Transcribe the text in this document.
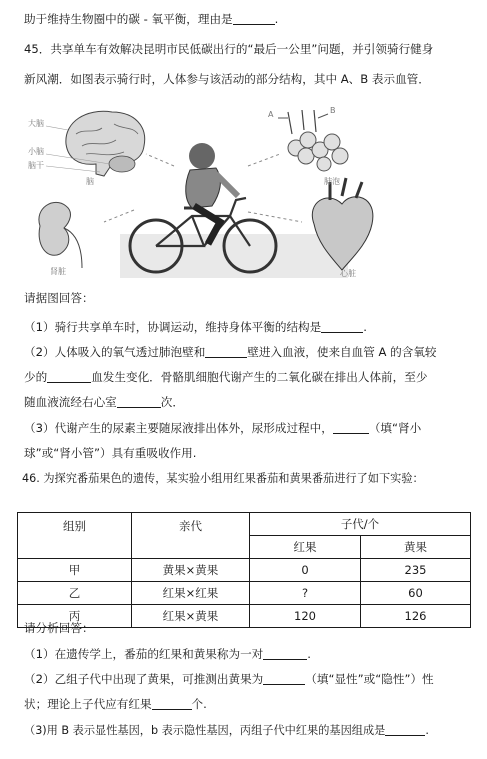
助于维持生物圈中的碳 - 氧平衡，理由是	.
45．共享单车有效解决昆明市民低碳出行的“最后一公里”问题，并引领骑行健身
新风潮．如图表示骑行时，人体参与该活动的部分结构，其中 A、B 表示血管．
大脑
小脑
脑干
脑
A	B
肺泡
肾脏	心脏
请据图回答：
（1）骑行共享单车时，协调运动，维持身体平衡的结构是	.
（2）人体吸入的氧气透过肺泡壁和	壁进入血液，使来自血管 A 的含氧较
少的	血发生变化．骨骼肌细胞代谢产生的二氧化碳在排出人体前，至少
随血液流经右心室	次．
（3）代谢产生的尿素主要随尿液排出体外，尿形成过程中，	（填“肾小
球”或“肾小管”）具有重吸收作用.
46. 为探究番茄果色的遗传，某实验小组用红果番茄和黄果番茄进行了如下实验：
组别	亲代	子代/个	
		红果	黄果
甲	黄果×黄果	0	235
乙	红果×红果	?	60
丙	红果×黄果	120	126
请分析回答：
（1）在遗传学上，番茄的红果和黄果称为一对	.
（2）乙组子代中出现了黄果，可推测出黄果为	（填“显性”或“隐性”）性
状；理论上子代应有红果	个.
（3)用 B 表示显性基因，b 表示隐性基因，丙组子代中红果的基因组成是	.
